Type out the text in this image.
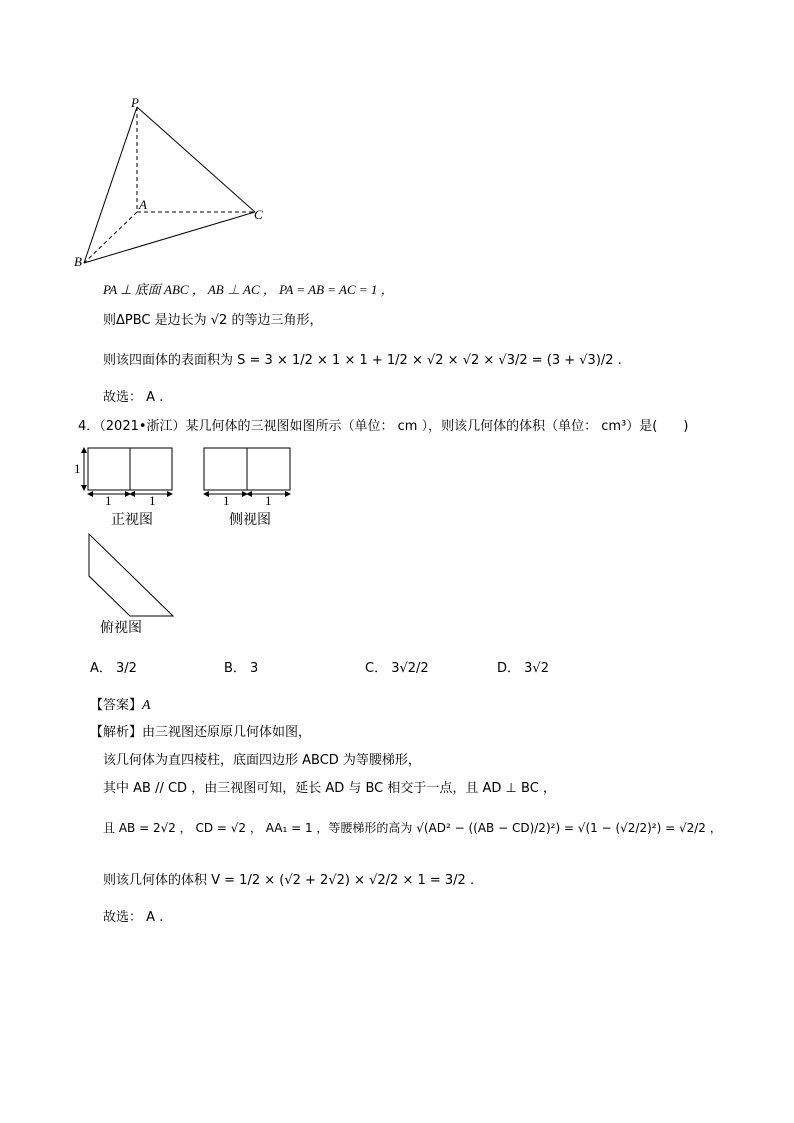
P
A
B
C
PA ⊥ 底面 ABC ， AB ⊥ AC ， PA = AB = AC = 1 ，
则ΔPBC 是边长为 √2 的等边三角形，
则该四面体的表面积为 S = 3 × 1/2 × 1 × 1 + 1/2 × √2 × √2 × √3/2 = (3 + √3)/2 .
故选： A .
4．（2021•浙江）某几何体的三视图如图所示（单位： cm ），则该几何体的体积（单位： cm³）是(　　)
1
1	1	1	1
正视图	侧视图
俯视图
A． 3/2	B． 3	C． 3√2/2	D． 3√2
【答案】A
【解析】由三视图还原原几何体如图，
该几何体为直四棱柱，底面四边形 ABCD 为等腰梯形，
其中 AB // CD ，由三视图可知，延长 AD 与 BC 相交于一点，且 AD ⊥ BC ，
且 AB = 2√2 ， CD = √2 ， AA₁ = 1 ，等腰梯形的高为 √(AD² − ((AB − CD)/2)²) = √(1 − (√2/2)²) = √2/2 ，
则该几何体的体积 V = 1/2 × (√2 + 2√2) × √2/2 × 1 = 3/2 .
故选： A .
